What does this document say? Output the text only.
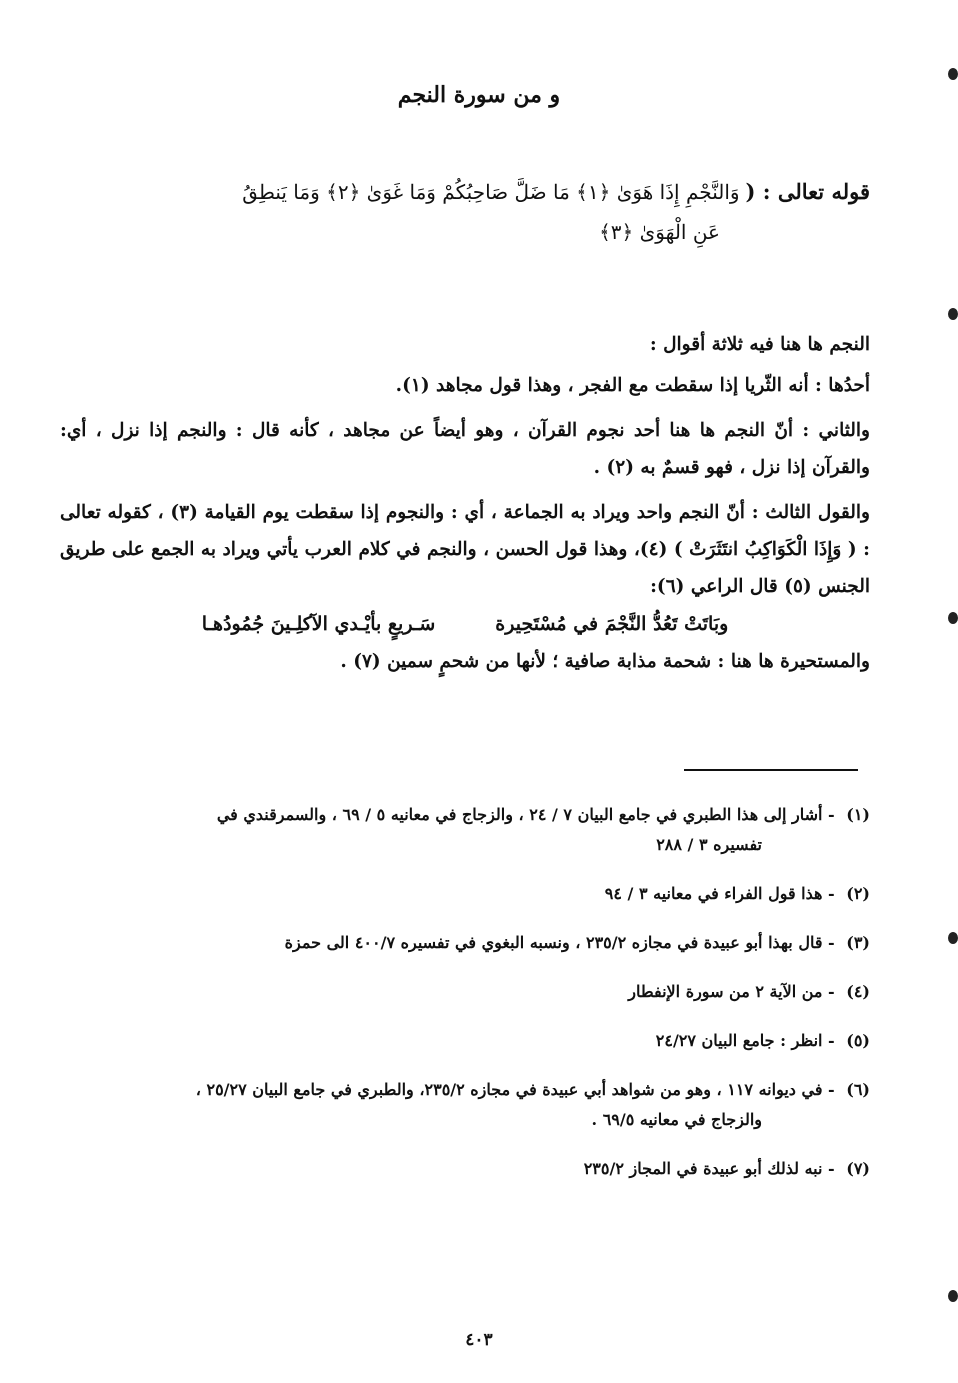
و من سورة النجم
قوله تعالى : (
وَالنَّجْمِ إِذَا هَوَىٰ ﴿١﴾ مَا ضَلَّ صَاحِبُكُمْ وَمَا غَوَىٰ ﴿٢﴾ وَمَا يَنطِقُ
عَنِ الْهَوَىٰ ﴿٣﴾

النجم ها هنا فيه ثلاثة أقوال :

أحدُها : أنه الثّريا إذا سقطت مع الفجر ، وهذا قول مجاهد (١).

والثاني : أنّ النجم ها هنا أحد نجوم القرآن ، وهو أيضاً عن مجاهد ، كأنه قال : والنجم إذا نزل ، أي: والقرآن إذا نزل ، فهو قسمٌ به (٢) .

والقول الثالث : أنّ النجم واحد ويراد به الجماعة ، أي : والنجوم إذا سقطت يوم القيامة (٣) ، كقوله تعالى : ( وَإِذَا الْكَوَاكِبُ انتَثَرَتْ ) (٤)، وهذا قول الحسن ، والنجم في كلام العرب يأتي ويراد به الجمع على طريق الجنس (٥) قال الراعي (٦):

وبَاتَتْ تَعُدُّ النَّجْمَ في مُسْتَحِيرة
سَـريعٍ بأيْـدي الآكلِـينَ جُمُودُهـا

والمستحيرة ها هنا : شحمة مذابة صافية ؛ لأنها من شحمٍ سمين (٧) .

(١) - أشار إلى هذا الطبري في جامع البيان ٧ / ٢٤ ، والزجاج في معانيه ٥ / ٦٩ ، والسمرقندي في
تفسيره ٣ / ٢٨٨
(٢) - هذا قول الفراء في معانيه ٣ / ٩٤
(٣) - قال بهذا أبو عبيدة في مجازه ٢٣٥/٢ ، ونسبه البغوي في تفسيره ٤٠٠/٧ الى حمزة
(٤) - من الآية ٢ من سورة الإنفطار
(٥) - انظر : جامع البيان ٢٤/٢٧
(٦) - في ديوانه ١١٧ ، وهو من شواهد أبي عبيدة في مجازه ٢٣٥/٢، والطبري في جامع البيان ٢٥/٢٧ ،
والزجاج في معانيه ٦٩/٥ .
(٧) - نبه لذلك أبو عبيدة في المجاز ٢٣٥/٢
٤٠٣
